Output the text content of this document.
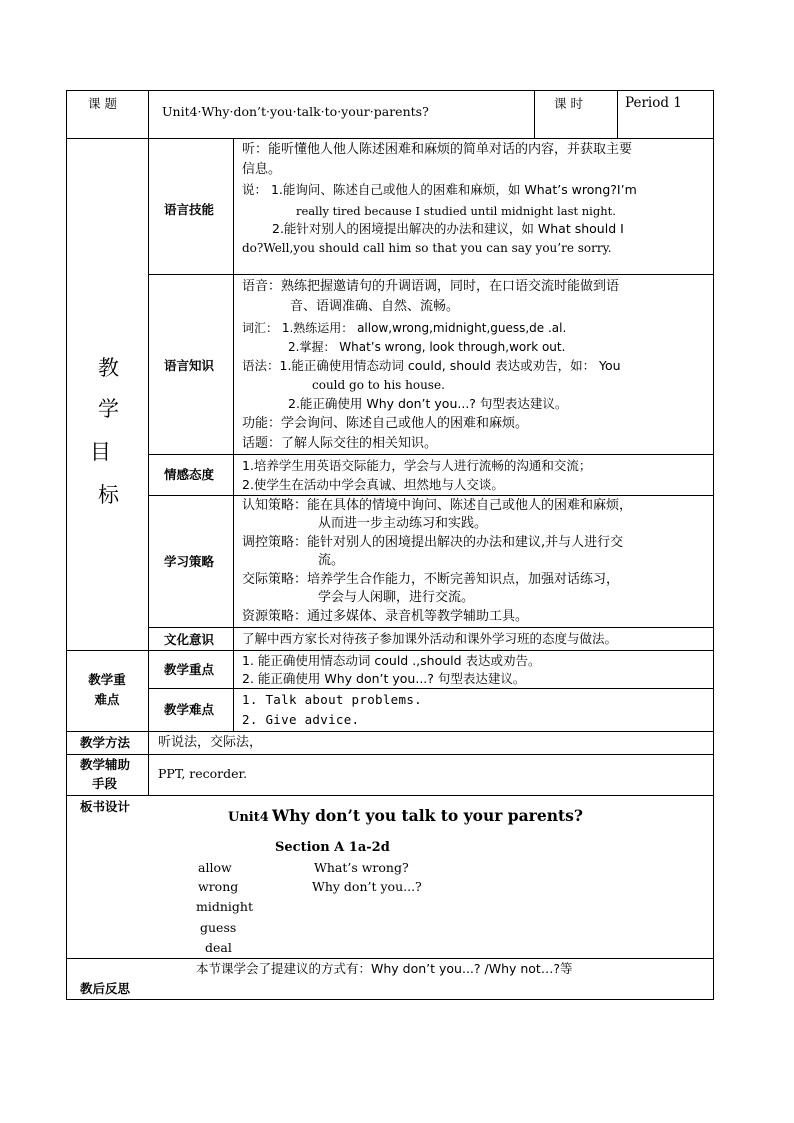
课 题
Unit4·Why·don’t·you·talk·to·your·parents?
课 时	Period 1
教
学
目
标
语言技能
听：能听懂他人他人陈述困难和麻烦的简单对话的内容，并获取主要
信息。
说： 1.能询问、陈述自己或他人的困难和麻烦，如 What’s wrong?I’m
really tired because I studied until midnight last night.
2.能针对别人的困境提出解决的办法和建议，如 What should I
do?Well,you should call him so that you can say you’re sorry.
语言知识
语音：熟练把握邀请句的升调语调，同时，在口语交流时能做到语
音、语调准确、自然、流畅。
词汇： 1.熟练运用： allow,wrong,midnight,guess,de .al.
2.掌握： What’s wrong, look through,work out.
语法：1.能正确使用情态动词 could, should 表达或劝告，如： You
could go to his house.
2.能正确使用 Why don’t you...? 句型表达建议。
功能：学会询问、陈述自己或他人的困难和麻烦。
话题：了解人际交往的相关知识。
情感态度
1.培养学生用英语交际能力，学会与人进行流畅的沟通和交流；
2.使学生在活动中学会真诚、坦然地与人交谈。
学习策略
认知策略：能在具体的情境中询问、陈述自己或他人的困难和麻烦，
从而进一步主动练习和实践。
调控策略：能针对别人的困境提出解决的办法和建议,并与人进行交
流。
交际策略：培养学生合作能力，不断完善知识点，加强对话练习，
学会与人闲聊，进行交流。
资源策略：通过多媒体、录音机等教学辅助工具。
文化意识 了解中西方家长对待孩子参加课外活动和课外学习班的态度与做法。
教学重
难点
教学重点
1. 能正确使用情态动词 could .,should 表达或劝告。
2. 能正确使用 Why don’t you...? 句型表达建议。
教学难点
1. Talk about problems.
2. Give advice.
教学方法 听说法，交际法，
教学辅助
手段
PPT, recorder.
板书设计
Unit4 Why don’t you talk to your parents?
Section A 1a-2d
allow
wrong
midnight
guess
deal
What’s wrong?
Why don’t you...?
教后反思
本节课学会了提建议的方式有：Why don’t you...? /Why not…?等
